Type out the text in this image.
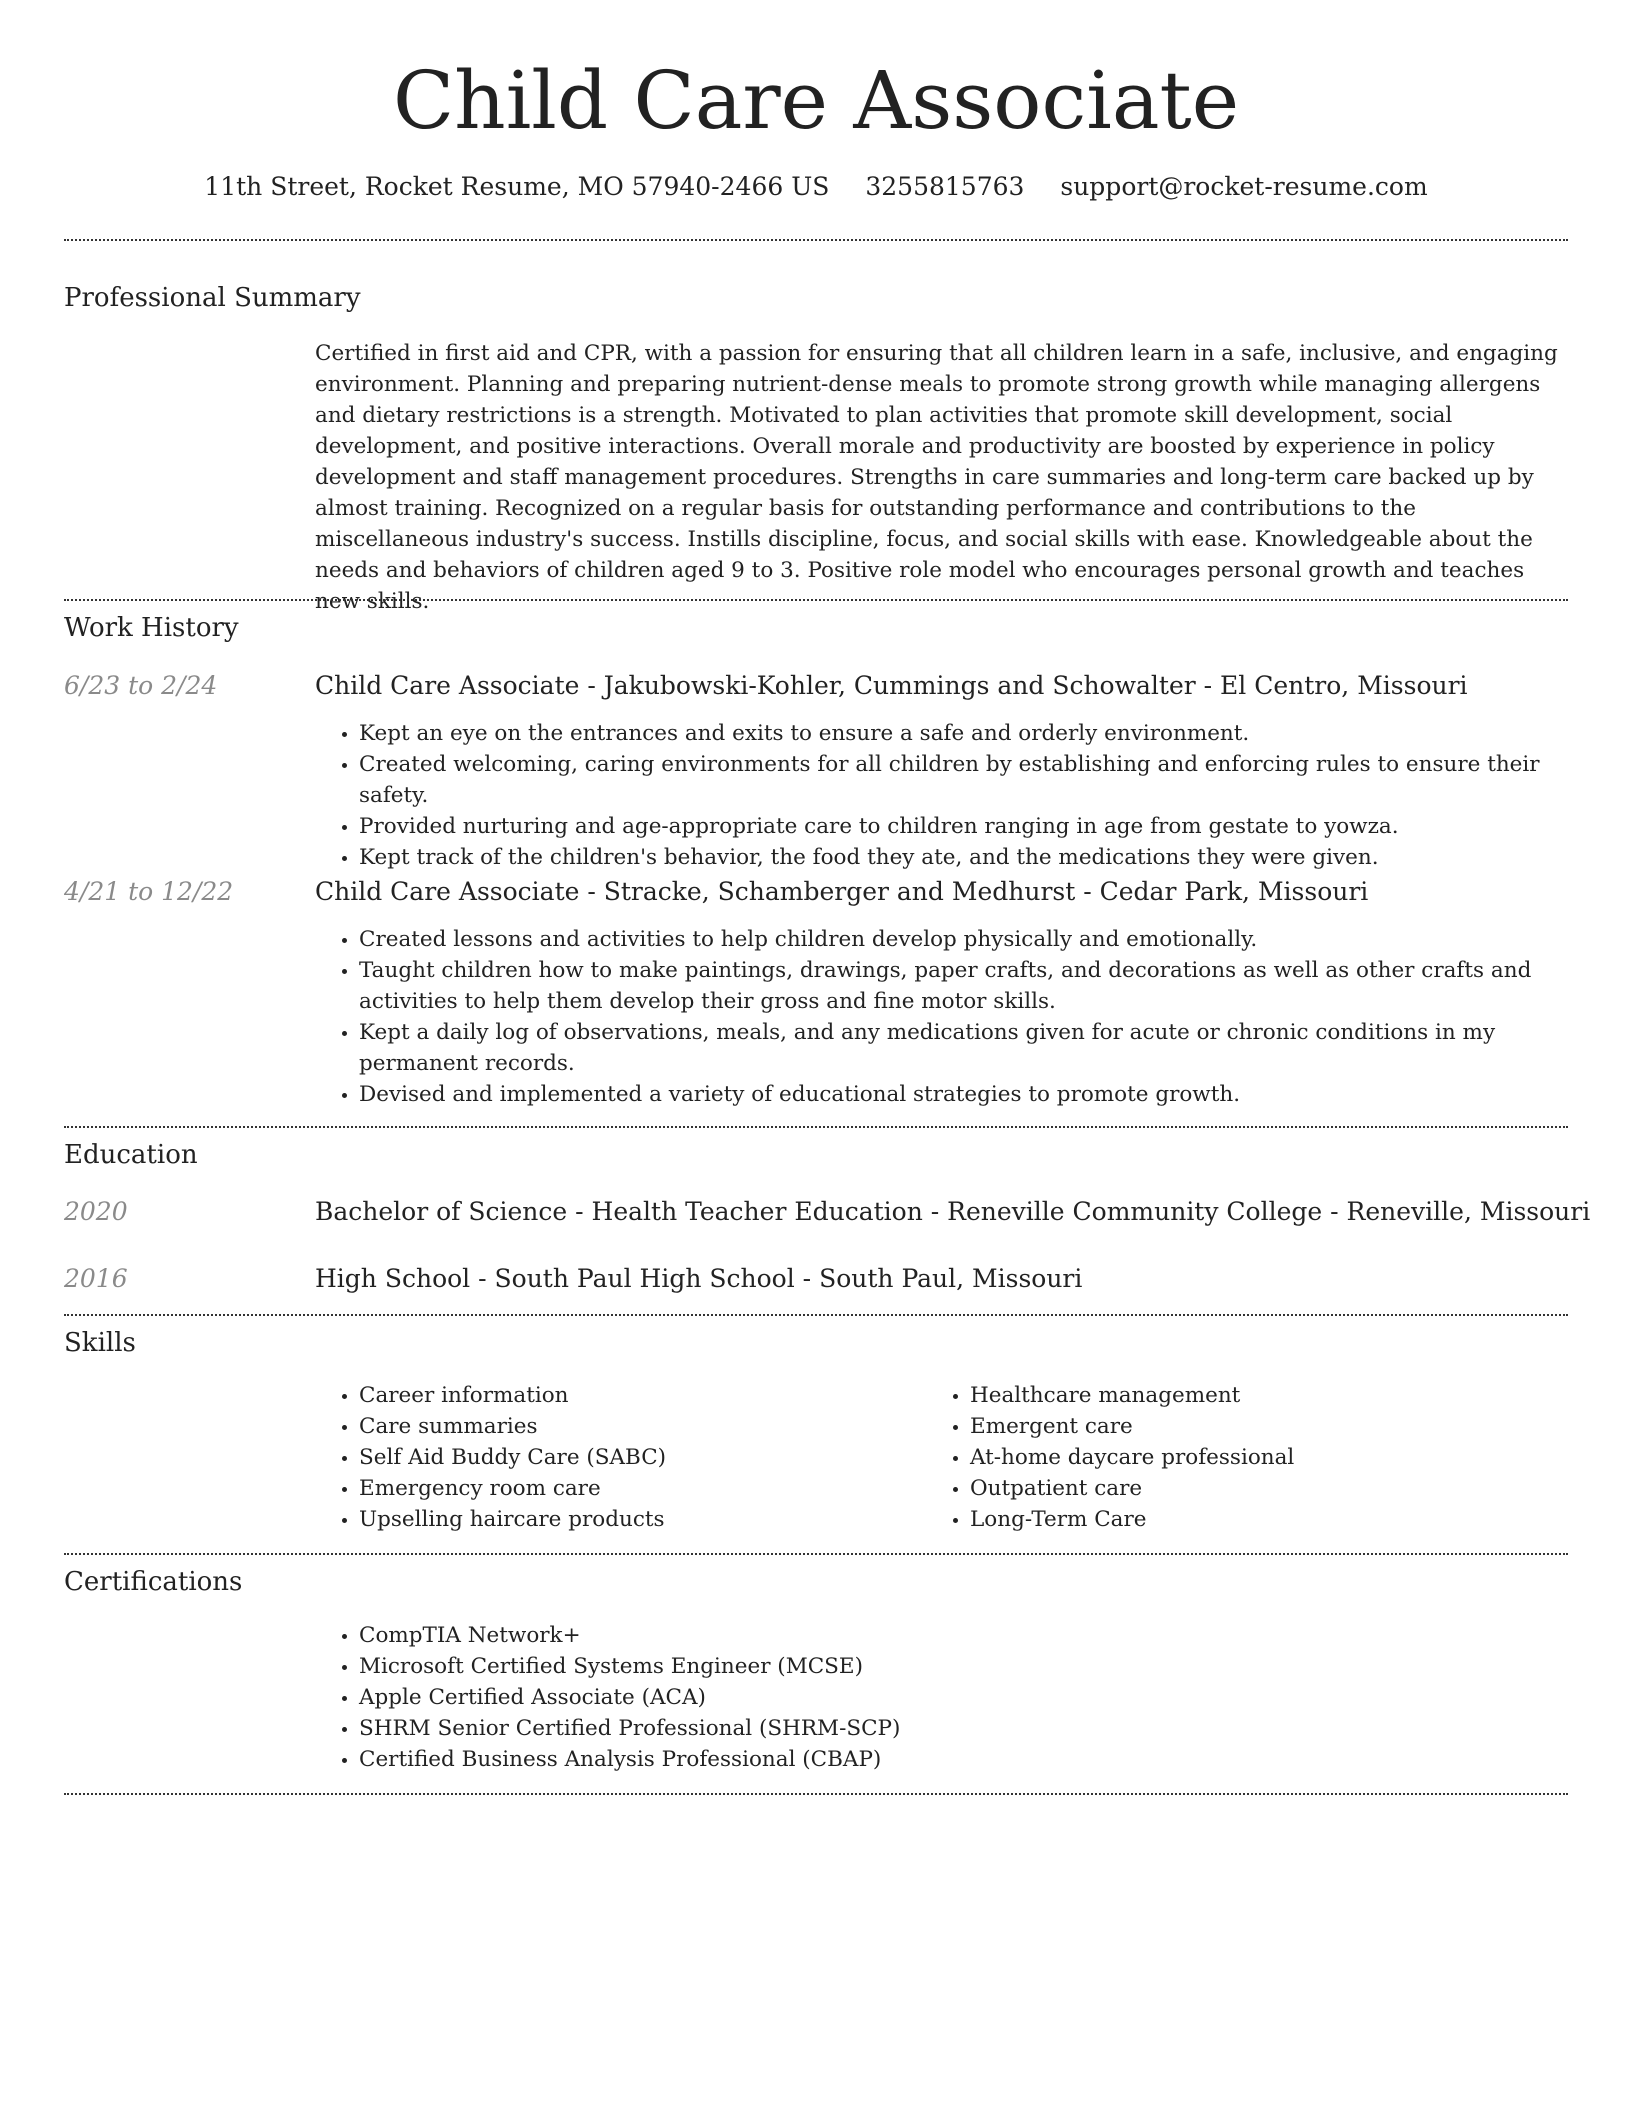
Child Care Associate
11th Street, Rocket Resume, MO 57940-2466 US 3255815763 support@rocket-resume.com
Professional Summary
Certified in first aid and CPR, with a passion for ensuring that all children learn in a safe, inclusive, and engaging environment. Planning and preparing nutrient-dense meals to promote strong growth while managing allergens and dietary restrictions is a strength. Motivated to plan activities that promote skill development, social development, and positive interactions. Overall morale and productivity are boosted by experience in policy development and staff management procedures. Strengths in care summaries and long-term care backed up by almost training. Recognized on a regular basis for outstanding performance and contributions to the miscellaneous industry's success. Instills discipline, focus, and social skills with ease. Knowledgeable about the needs and behaviors of children aged 9 to 3. Positive role model who encourages personal growth and teaches new skills.
Work History
6/23 to 2/24	Child Care Associate - Jakubowski-Kohler, Cummings and Schowalter - El Centro, Missouri
• Kept an eye on the entrances and exits to ensure a safe and orderly environment.
• Created welcoming, caring environments for all children by establishing and enforcing rules to ensure their safety.
• Provided nurturing and age-appropriate care to children ranging in age from gestate to yowza.
• Kept track of the children's behavior, the food they ate, and the medications they were given.
4/21 to 12/22	Child Care Associate - Stracke, Schamberger and Medhurst - Cedar Park, Missouri
• Created lessons and activities to help children develop physically and emotionally.
• Taught children how to make paintings, drawings, paper crafts, and decorations as well as other crafts and activities to help them develop their gross and fine motor skills.
• Kept a daily log of observations, meals, and any medications given for acute or chronic conditions in my permanent records.
• Devised and implemented a variety of educational strategies to promote growth.
Education
2020	Bachelor of Science - Health Teacher Education - Reneville Community College - Reneville, Missouri
2016	High School - South Paul High School - South Paul, Missouri
Skills
• Career information
• Care summaries
• Self Aid Buddy Care (SABC)
• Emergency room care
• Upselling haircare products
• Healthcare management
• Emergent care
• At-home daycare professional
• Outpatient care
• Long-Term Care
Certifications
• CompTIA Network+
• Microsoft Certified Systems Engineer (MCSE)
• Apple Certified Associate (ACA)
• SHRM Senior Certified Professional (SHRM-SCP)
• Certified Business Analysis Professional (CBAP)
